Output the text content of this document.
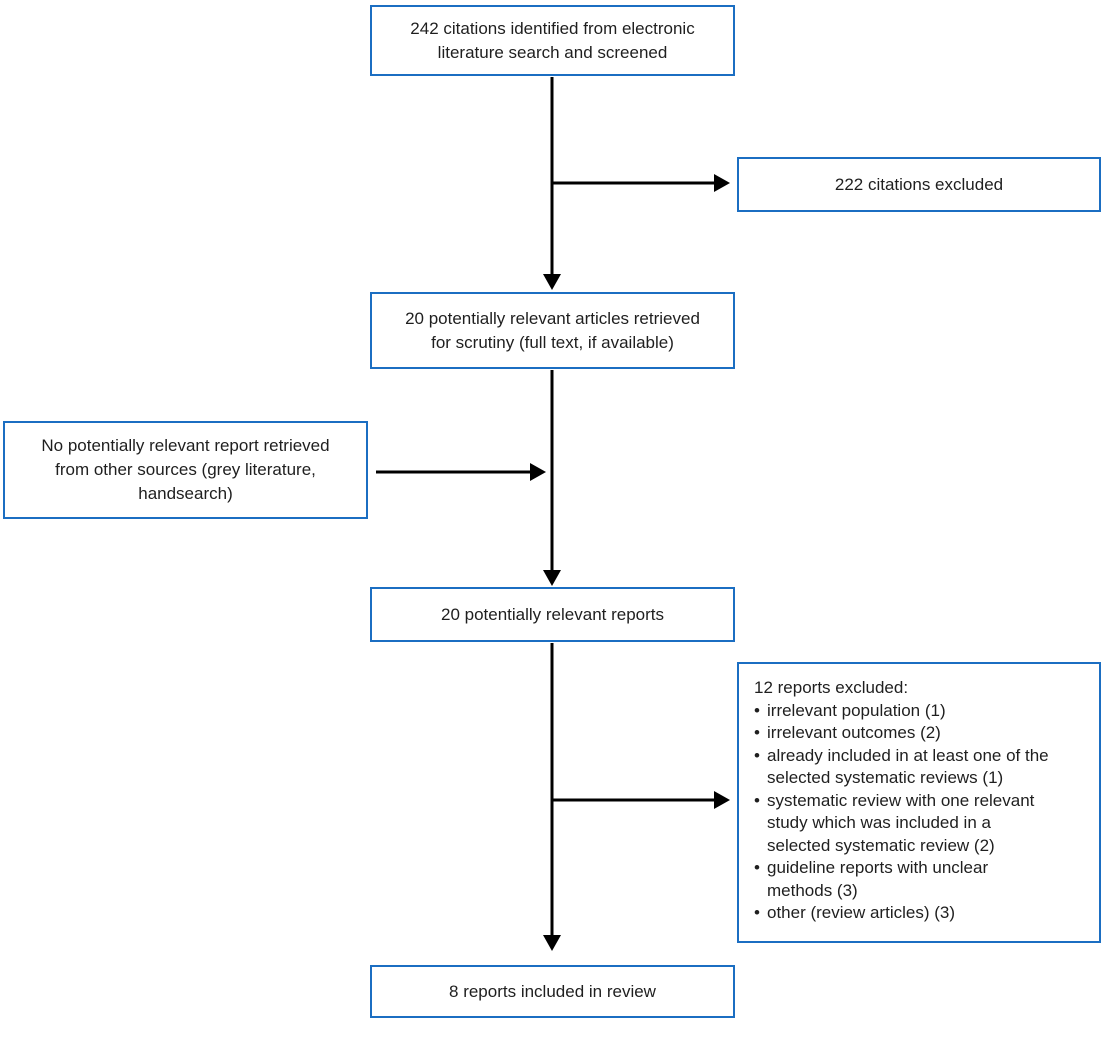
242 citations identified from electronic
literature search and screened
222 citations excluded
20 potentially relevant articles retrieved
for scrutiny (full text, if available)
No potentially relevant report retrieved
from other sources (grey literature,
handsearch)
20 potentially relevant reports
12 reports excluded:
• irrelevant population (1)
• irrelevant outcomes (2)
• already included in at least one of the
selected systematic reviews (1)
• systematic review with one relevant
study which was included in a
selected systematic review (2)
• guideline reports with unclear
methods (3)
• other (review articles) (3)
8 reports included in review
